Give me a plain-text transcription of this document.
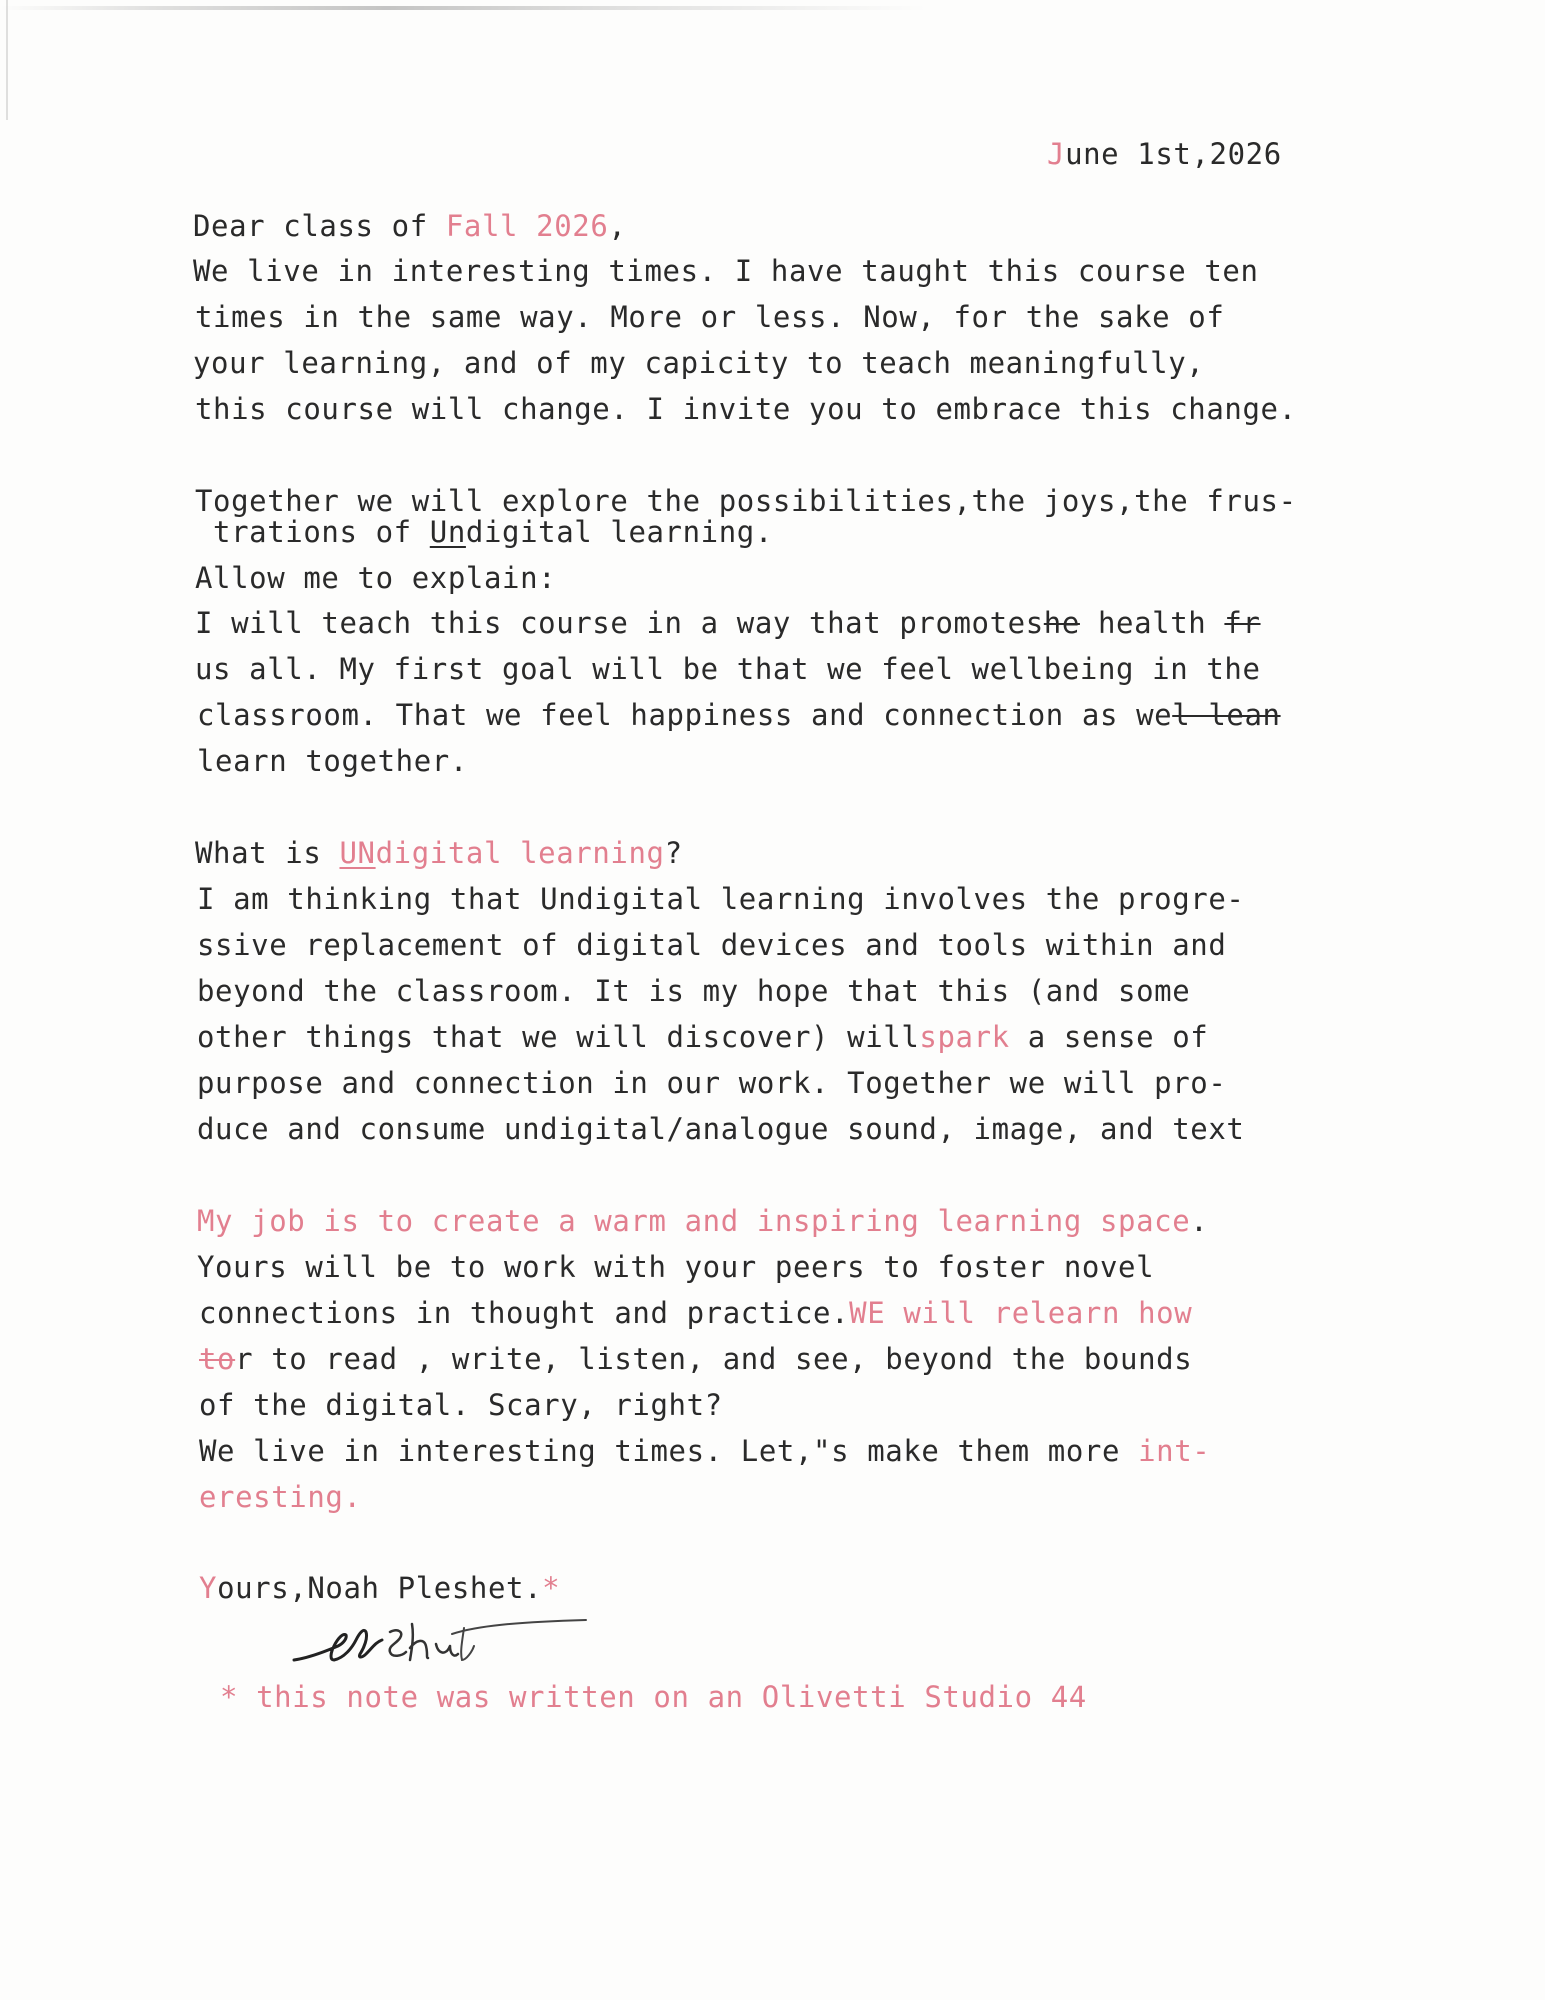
June 1st,2026
Dear class of Fall 2026,
We live in interesting times. I have taught this course ten
times in the same way. More or less. Now, for the sake of
your learning, and of my capicity to teach meaningfully,
this course will change. I invite you to embrace this change.
Together we will explore the possibilities,the joys,the frus-
trations of Undigital learning.
Allow me to explain:
I will teach this course in a way that promoteshe health fr
us all. My first goal will be that we feel wellbeing in the
classroom. That we feel happiness and connection as wel lean
learn together.
What is UNdigital learning?
I am thinking that Undigital learning involves the progre-
ssive replacement of digital devices and tools within and
beyond the classroom. It is my hope that this (and some
other things that we will discover) willspark a sense of
purpose and connection in our work. Together we will pro-
duce and consume undigital/analogue sound, image, and text
My job is to create a warm and inspiring learning space.
Yours will be to work with your peers to foster novel
connections in thought and practice.WE will relearn how
tor to read , write, listen, and see, beyond the bounds
of the digital. Scary, right?
We live in interesting times. Let,"s make them more int-
eresting.
Yours,Noah Pleshet.*
* this note was written on an Olivetti Studio 44
